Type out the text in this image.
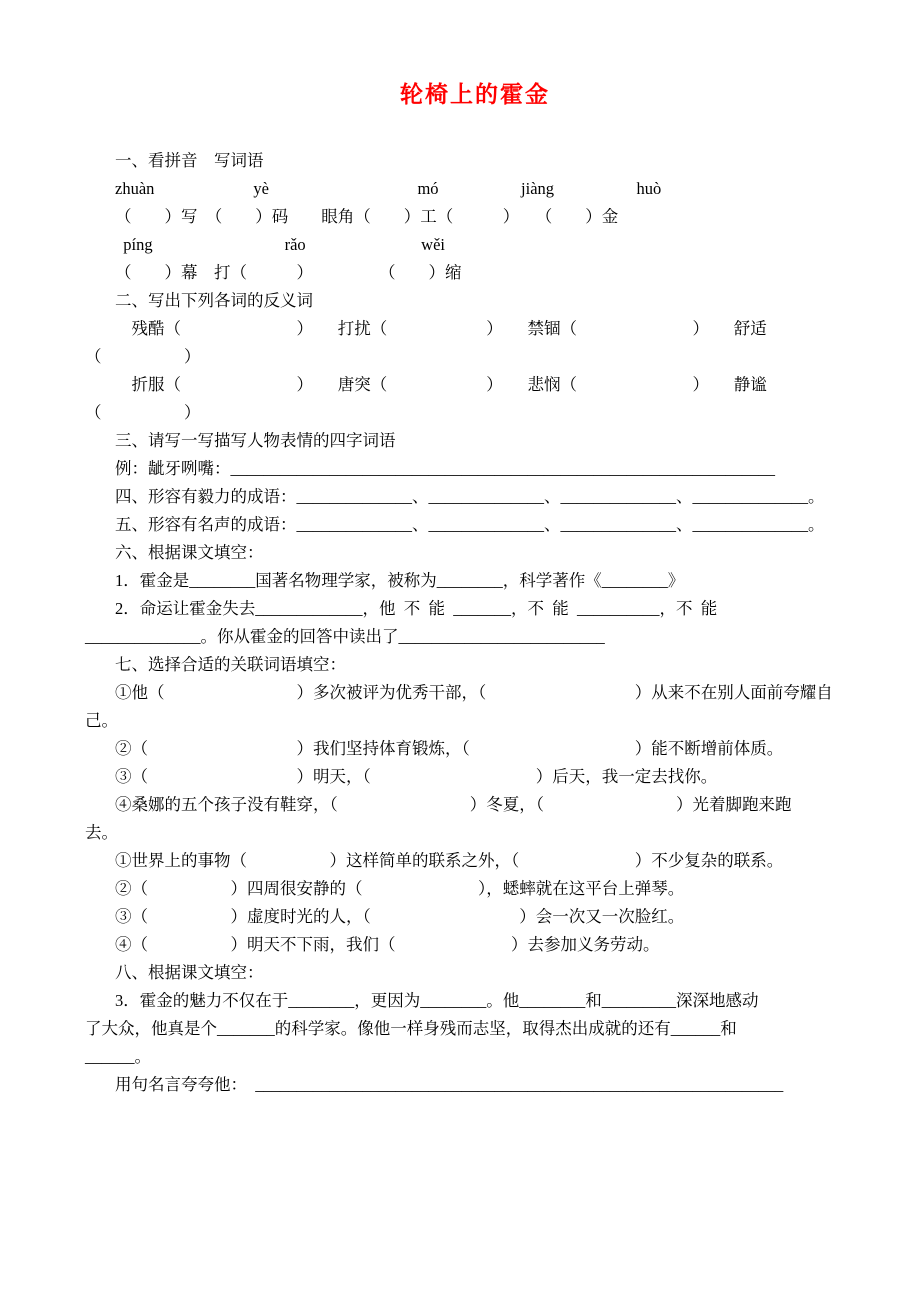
轮椅上的霍金
一、看拼音　写词语
zhuàn　　　　　　yè　　　　　　　　　mó　　　　　jiàng　　　　　huò
（　　）写　（　　）码　　眼角（　　）工（　　　）　　（　　）金
píng　　　　　　　　rǎo　　　　　　　wěi
（　　）幕　打（　　　）　　　　　（　　）缩
二、写出下列各词的反义词
　残酷（　　　　　　　）　　打扰（　　　　　　）　　禁锢（　　　　　　　）　　舒适
（　　　　　）
　折服（　　　　　　　）　　唐突（　　　　　　）　　悲悯（　　　　　　　）　　静谧
（　　　　　）
三、请写一写描写人物表情的四字词语
例：龇牙咧嘴：__________________________________________________________________
四、形容有毅力的成语：______________、______________、______________、______________。
五、形容有名声的成语：______________、______________、______________、______________。
六、根据课文填空：
1．霍金是________国著名物理学家，被称为________，科学著作《________》
2．命运让霍金失去_____________，他  不  能  _______，不  能  __________，不  能
______________。你从霍金的回答中读出了_________________________
七、选择合适的关联词语填空：
①他（　　　　　　　　）多次被评为优秀干部，（　　　　　　　　　）从来不在别人面前夸耀自
己。
②（　　　　　　　　　）我们坚持体育锻炼，（　　　　　　　　　　）能不断增前体质。
③（　　　　　　　　　）明天，（　　　　　　　　　　）后天，我一定去找你。
④桑娜的五个孩子没有鞋穿，（　　　　　　　　）冬夏，（　　　　　　　　）光着脚跑来跑
去。
①世界上的事物（　　　　　）这样简单的联系之外，（　　　　　　　）不少复杂的联系。
②（　　　　　）四周很安静的（　　　　　　　），蟋蟀就在这平台上弹琴。
③（　　　　　）虚度时光的人，（　　　　　　　　　）会一次又一次脸红。
④（　　　　　）明天不下雨，我们（　　　　　　　）去参加义务劳动。
八、根据课文填空：
3．霍金的魅力不仅在于________，更因为________。他________和_________深深地感动
了大众，他真是个_______的科学家。像他一样身残而志坚，取得杰出成就的还有______和
______。
用句名言夸夸他：　________________________________________________________________
